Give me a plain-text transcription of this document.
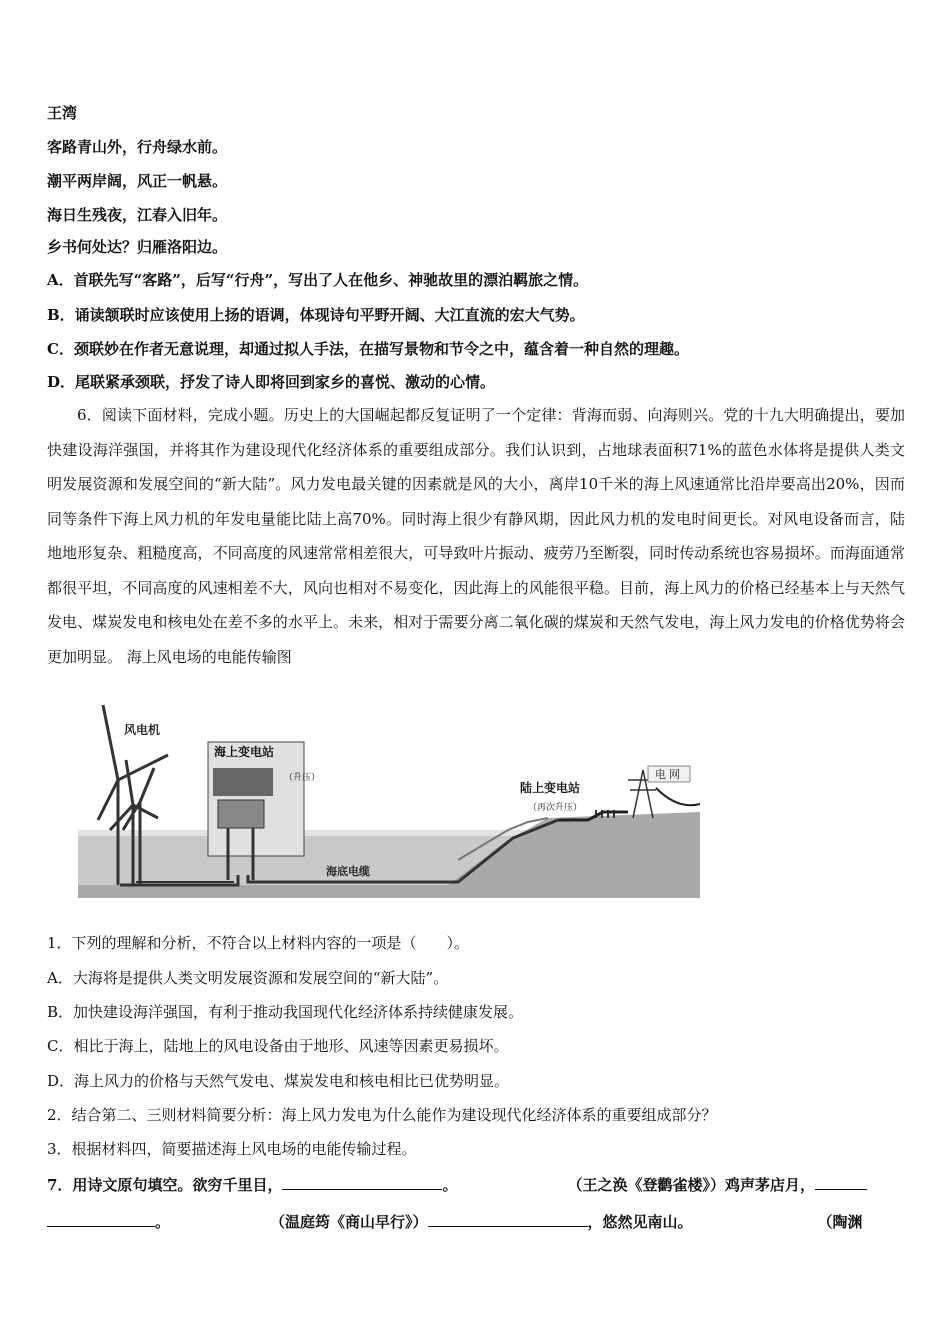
王湾
客路青山外，行舟绿水前。
潮平两岸阔，风正一帆悬。
海日生残夜，江春入旧年。
乡书何处达？归雁洛阳边。
A．首联先写“客路”，后写“行舟”，写出了人在他乡、神驰故里的漂泊羁旅之情。
B．诵读颔联时应该使用上扬的语调，体现诗句平野开阔、大江直流的宏大气势。
C．颈联妙在作者无意说理，却通过拟人手法，在描写景物和节令之中，蕴含着一种自然的理趣。
D．尾联紧承颈联，抒发了诗人即将回到家乡的喜悦、激动的心情。
6．阅读下面材料，完成小题。历史上的大国崛起都反复证明了一个定律：背海而弱、向海则兴。党的十九大明确提出，要加快建设海洋强国，并将其作为建设现代化经济体系的重要组成部分。我们认识到，占地球表面积71%的蓝色水体将是提供人类文明发展资源和发展空间的“新大陆”。风力发电最关键的因素就是风的大小，离岸10千米的海上风速通常比沿岸要高出20%，因而同等条件下海上风力机的年发电量能比陆上高70%。同时海上很少有静风期，因此风力机的发电时间更长。对风电设备而言，陆地地形复杂、粗糙度高，不同高度的风速常常相差很大，可导致叶片振动、疲劳乃至断裂，同时传动系统也容易损坏。而海面通常都很平坦，不同高度的风速相差不大，风向也相对不易变化，因此海上的风能很平稳。目前，海上风力的价格已经基本上与天然气发电、煤炭发电和核电处在差不多的水平上。未来，相对于需要分离二氧化碳的煤炭和天然气发电，海上风力发电的价格优势将会更加明显。 海上风电场的电能传输图
风电机
海上变电站
（升压）
海底电缆
陆上变电站
（再次升压）
电 网
1．下列的理解和分析，不符合以上材料内容的一项是（　　）。
A．大海将是提供人类文明发展资源和发展空间的“新大陆”。
B．加快建设海洋强国，有利于推动我国现代化经济体系持续健康发展。
C．相比于海上，陆地上的风电设备由于地形、风速等因素更易损坏。
D．海上风力的价格与天然气发电、煤炭发电和核电相比已优势明显。
2．结合第二、三则材料简要分析：海上风力发电为什么能作为建设现代化经济体系的重要组成部分？
3．根据材料四，简要描述海上风电场的电能传输过程。
7．用诗文原句填空。欲穷千里目，	。	（王之涣《登鹳雀楼》）鸡声茅店月，
。	（温庭筠《商山早行》）	，悠然见南山。	（陶渊
